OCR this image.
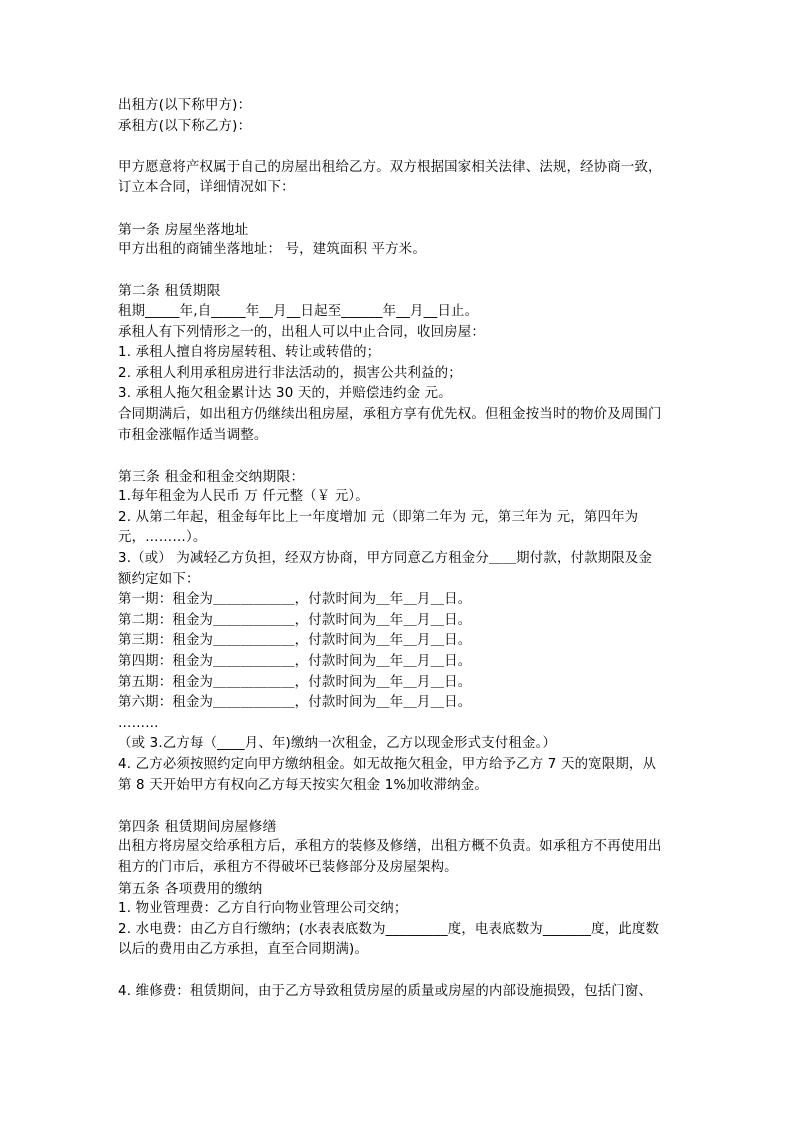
出租方(以下称甲方)：
承租方(以下称乙方)：
甲方愿意将产权属于自己的房屋出租给乙方。双方根据国家相关法律、法规，经协商一致，
订立本合同，详细情况如下：
第一条 房屋坐落地址
甲方出租的商铺坐落地址： 号，建筑面积 平方米。
第二条 租赁期限
租期_____年,自_____年__月__日起至______年__月__日止。
承租人有下列情形之一的，出租人可以中止合同，收回房屋：
1. 承租人擅自将房屋转租、转让或转借的；
2. 承租人利用承租房进行非法活动的，损害公共利益的；
3. 承租人拖欠租金累计达 30 天的，并赔偿违约金 元。
合同期满后，如出租方仍继续出租房屋，承租方享有优先权。但租金按当时的物价及周围门
市租金涨幅作适当调整。
第三条 租金和租金交纳期限：
1.每年租金为人民币 万 仟元整（￥ 元）。
2. 从第二年起，租金每年比上一年度增加 元（即第二年为 元，第三年为 元，第四年为
元，………）。
3.（或） 为减轻乙方负担，经双方协商，甲方同意乙方租金分＿＿期付款，付款期限及金
额约定如下：
第一期：租金为＿＿＿＿＿＿，付款时间为＿年＿月＿日。
第二期：租金为＿＿＿＿＿＿，付款时间为＿年＿月＿日。
第三期：租金为＿＿＿＿＿＿，付款时间为＿年＿月＿日。
第四期：租金为＿＿＿＿＿＿，付款时间为＿年＿月＿日。
第五期：租金为＿＿＿＿＿＿，付款时间为＿年＿月＿日。
第六期：租金为＿＿＿＿＿＿，付款时间为＿年＿月＿日。
………
（或 3.乙方每（____月、年)缴纳一次租金，乙方以现金形式支付租金。）
4. 乙方必须按照约定向甲方缴纳租金。如无故拖欠租金，甲方给予乙方 7 天的宽限期，从
第 8 天开始甲方有权向乙方每天按实欠租金 1%加收滞纳金。
第四条 租赁期间房屋修缮
出租方将房屋交给承租方后，承租方的装修及修缮，出租方概不负责。如承租方不再使用出
租方的门市后，承租方不得破坏已装修部分及房屋架构。
第五条 各项费用的缴纳
1. 物业管理费：乙方自行向物业管理公司交纳；
2. 水电费：由乙方自行缴纳；(水表表底数为_________度，电表底数为_______度，此度数
以后的费用由乙方承担，直至合同期满)。
4. 维修费：租赁期间，由于乙方导致租赁房屋的质量或房屋的内部设施损毁，包括门窗、
